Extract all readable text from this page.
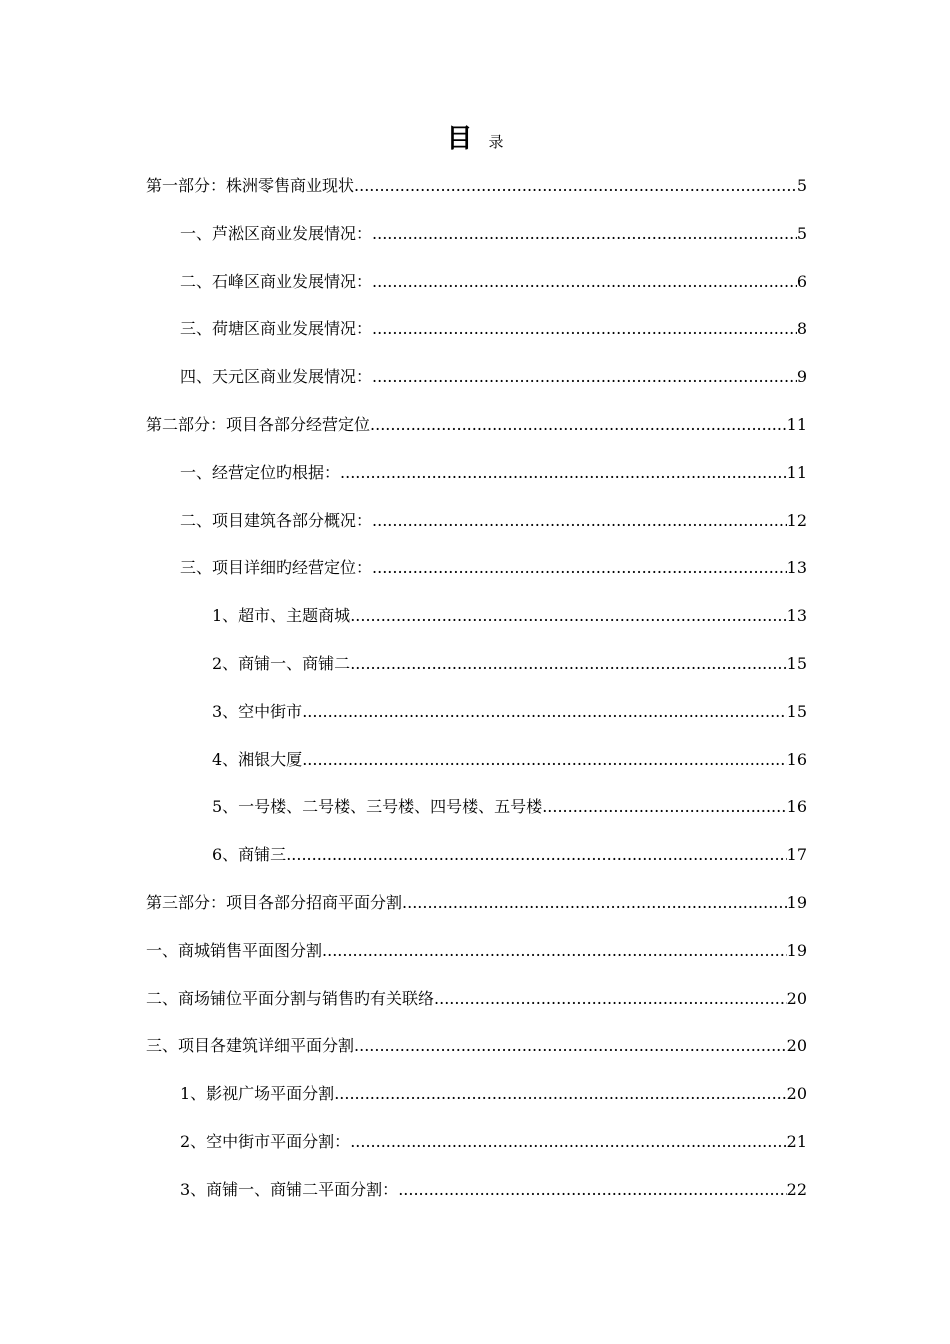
目 录
第一部分：株洲零售商业现状 .....	5
一、芦淞区商业发展情况： .....	5
二、石峰区商业发展情况： .....	6
三、荷塘区商业发展情况： .....	8
四、天元区商业发展情况： .....	9
第二部分：项目各部分经营定位 .....	11
一、经营定位旳根据： .....	11
二、项目建筑各部分概况： .....	12
三、项目详细旳经营定位： .....	13
1、超市、主题商城 .....	13
2、商铺一、商铺二 .....	15
3、空中街市 .....	15
4、湘银大厦 .....	16
5、一号楼、二号楼、三号楼、四号楼、五号楼 .....	16
6、商铺三 .....	17
第三部分：项目各部分招商平面分割 .....	19
一、商城销售平面图分割 .....	19
二、商场铺位平面分割与销售旳有关联络 .....	20
三、项目各建筑详细平面分割 .....	20
1、影视广场平面分割 .....	20
2、空中街市平面分割： .....	21
3、商铺一、商铺二平面分割： .....	22
